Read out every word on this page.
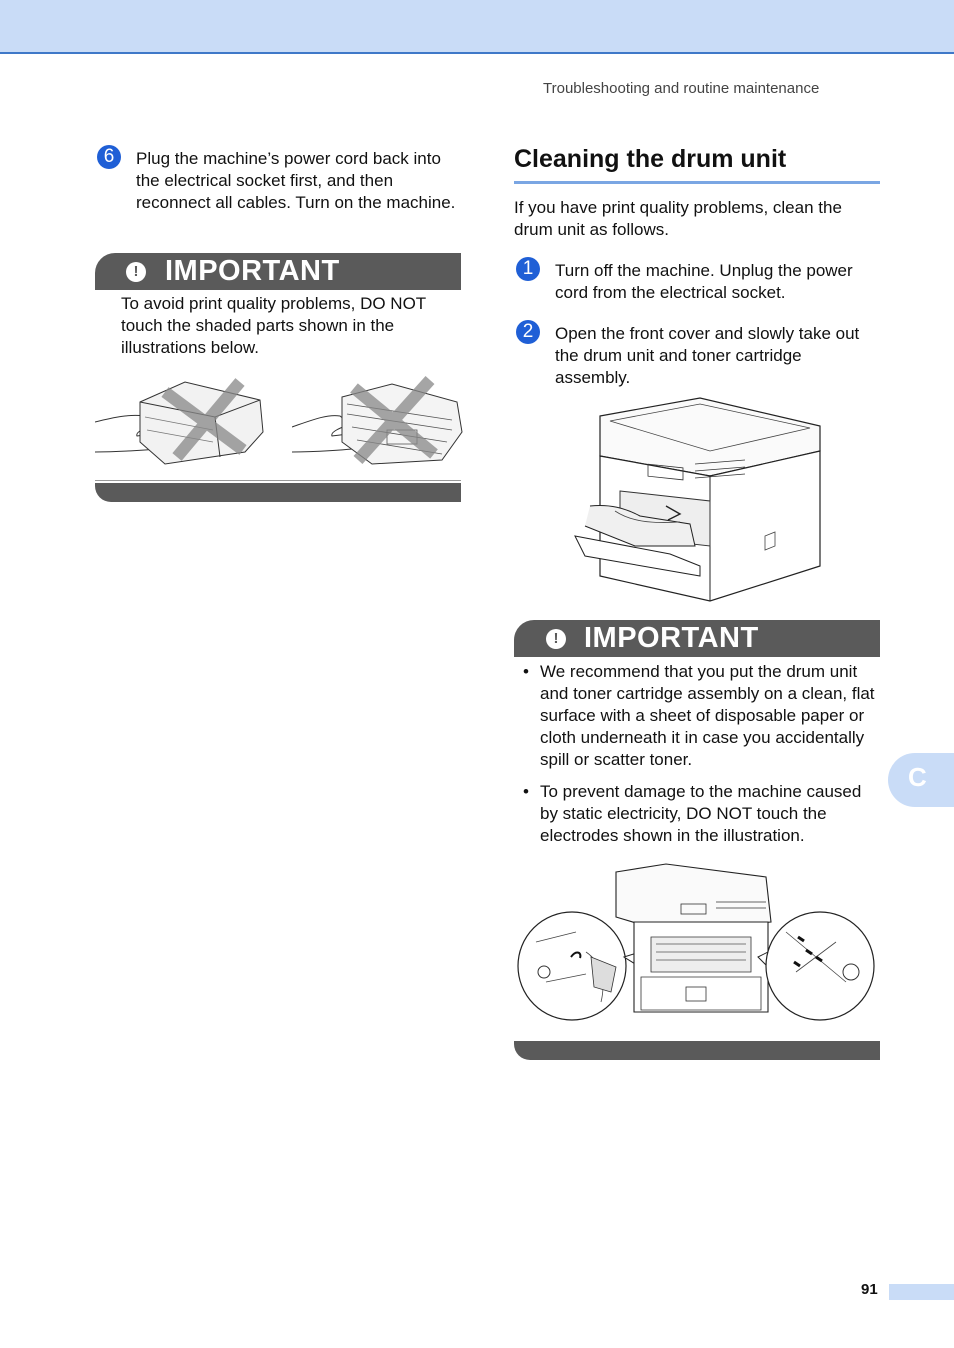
Troubleshooting and routine maintenance
6	Plug the machine’s power cord back into the electrical socket first, and then reconnect all cables. Turn on the machine.
! IMPORTANT
To avoid print quality problems, DO NOT touch the shaded parts shown in the illustrations below.
Cleaning the drum unit
If you have print quality problems, clean the drum unit as follows.
1	Turn off the machine. Unplug the power cord from the electrical socket.
2	Open the front cover and slowly take out the drum unit and toner cartridge assembly.
! IMPORTANT
• We recommend that you put the drum unit and toner cartridge assembly on a clean, flat surface with a sheet of disposable paper or cloth underneath it in case you accidentally spill or scatter toner.
• To prevent damage to the machine caused by static electricity, DO NOT touch the electrodes shown in the illustration.
C
91
